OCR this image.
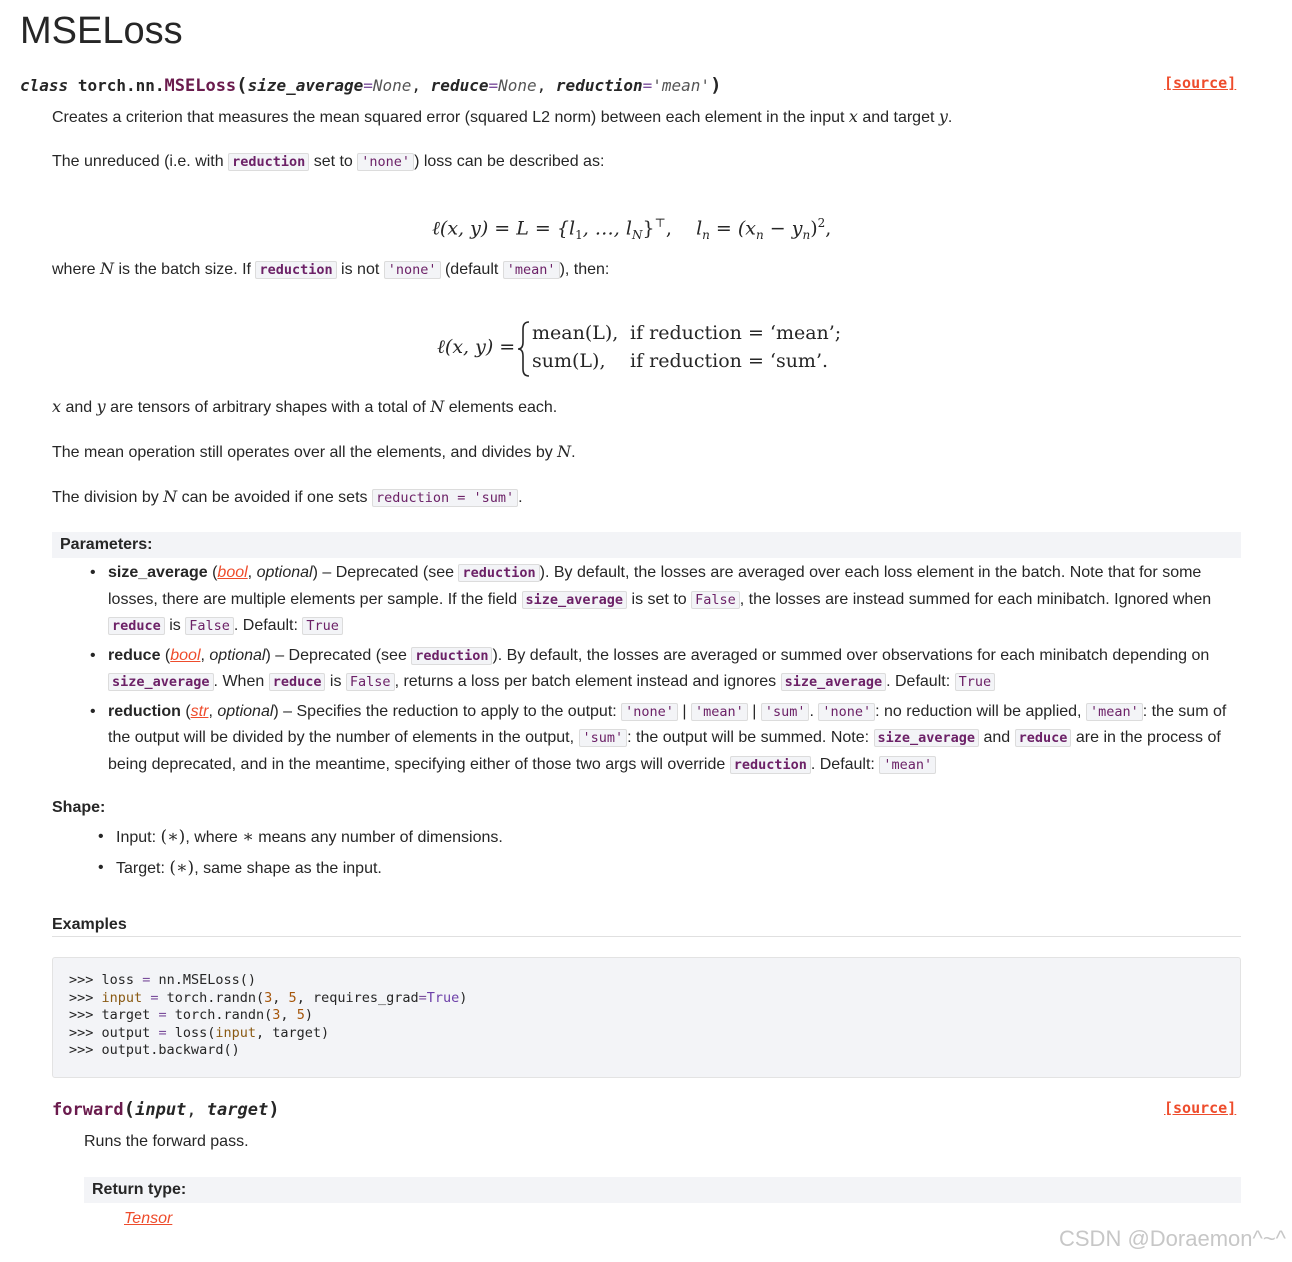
MSELoss
class torch.nn.MSELoss(size_average=None, reduce=None, reduction='mean')	[source]

Creates a criterion that measures the mean squared error (squared L2 norm) between each element in the input x and target y.

The unreduced (i.e. with reduction set to 'none' ) loss can be described as:

ℓ(x, $y) = L = \{l_1$, …, $l_N\}^⊤$, $l_n = (x_n - y_n)^2$,

where N is the batch size. If reduction is not 'none' (default 'mean' ), then:

ℓ(x, y) =
mean(L), if reduction = ‘mean’;
sum(L), if reduction = ‘sum’.

x and y are tensors of arbitrary shapes with a total of N elements each.

The mean operation still operates over all the elements, and divides by N.

The division by N can be avoided if one sets reduction = 'sum' .

Parameters:
• size_average (bool, optional) – Deprecated (see reduction ). By default, the losses are averaged over each loss element in the batch. Note that for some losses, there are multiple elements per sample. If the field size_average is set to False , the losses are instead summed for each minibatch. Ignored when reduce is False . Default: True
• reduce (bool, optional) – Deprecated (see reduction ). By default, the losses are averaged or summed over observations for each minibatch depending on size_average . When reduce is False , returns a loss per batch element instead and ignores size_average . Default: True
• reduction (str, optional) – Specifies the reduction to apply to the output: 'none' | 'mean' | 'sum' . 'none' : no reduction will be applied, 'mean' : the sum of the output will be divided by the number of elements in the output, 'sum' : the output will be summed. Note: size_average and reduce are in the process of being deprecated, and in the meantime, specifying either of those two args will override reduction . Default: 'mean'
Shape:
• Input: (∗), where ∗ means any number of dimensions.
• Target: (∗), same shape as the input.
Examples
>>> loss = nn.MSELoss()
>>> input = torch.randn(3, 5, requires_grad=True)
>>> target = torch.randn(3, 5)
>>> output = loss(input, target)
>>> output.backward()
forward(input, target)	[source]
Runs the forward pass.
Return type:
Tensor
CSDN @Doraemon^~^
